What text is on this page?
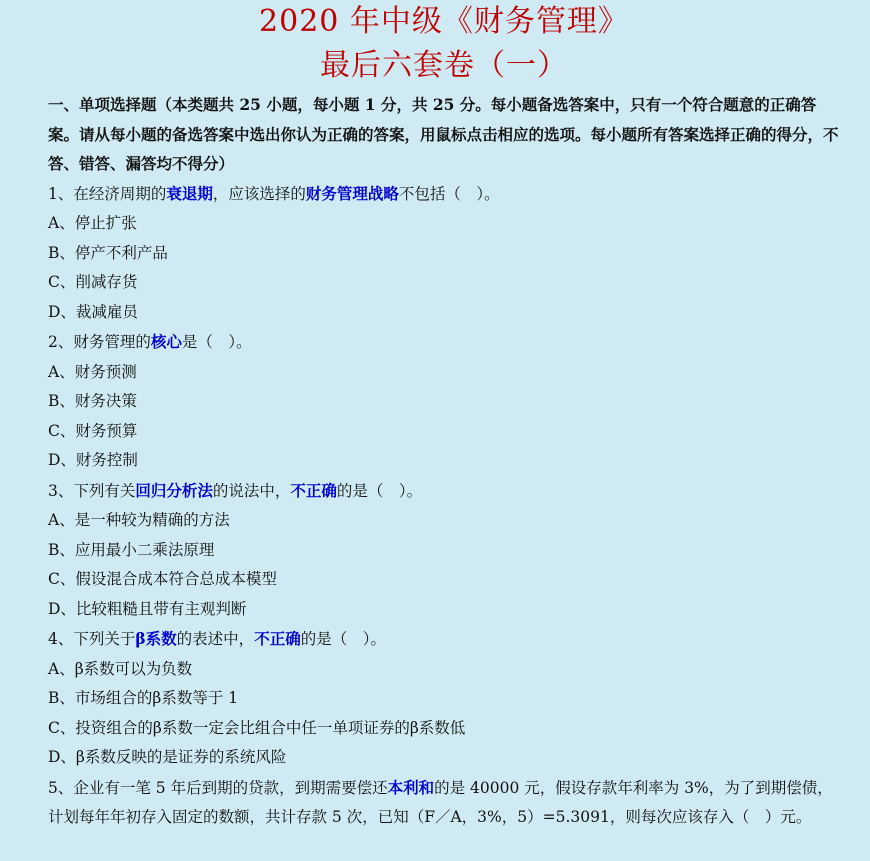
2020 年中级《财务管理》
最后六套卷（一）
一、单项选择题（本类题共 25 小题，每小题 1 分，共 25 分。每小题备选答案中，只有一个符合题意的正确答案。请从每小题的备选答案中选出你认为正确的答案，用鼠标点击相应的选项。每小题所有答案选择正确的得分，不答、错答、漏答均不得分）
1、在经济周期的衰退期，应该选择的财务管理战略不包括（　）。
A、停止扩张
B、停产不利产品
C、削减存货
D、裁减雇员
2、财务管理的核心是（　）。
A、财务预测
B、财务决策
C、财务预算
D、财务控制
3、下列有关回归分析法的说法中，不正确的是（　）。
A、是一种较为精确的方法
B、应用最小二乘法原理
C、假设混合成本符合总成本模型
D、比较粗糙且带有主观判断
4、下列关于β系数的表述中，不正确的是（　）。
A、β系数可以为负数
B、市场组合的β系数等于 1
C、投资组合的β系数一定会比组合中任一单项证券的β系数低
D、β系数反映的是证券的系统风险
5、企业有一笔 5 年后到期的贷款，到期需要偿还本利和的是 40000 元，假设存款年利率为 3%，为了到期偿债，计划每年年初存入固定的数额，共计存款 5 次，已知（F／A，3%，5）=5.3091，则每次应该存入（　）元。
